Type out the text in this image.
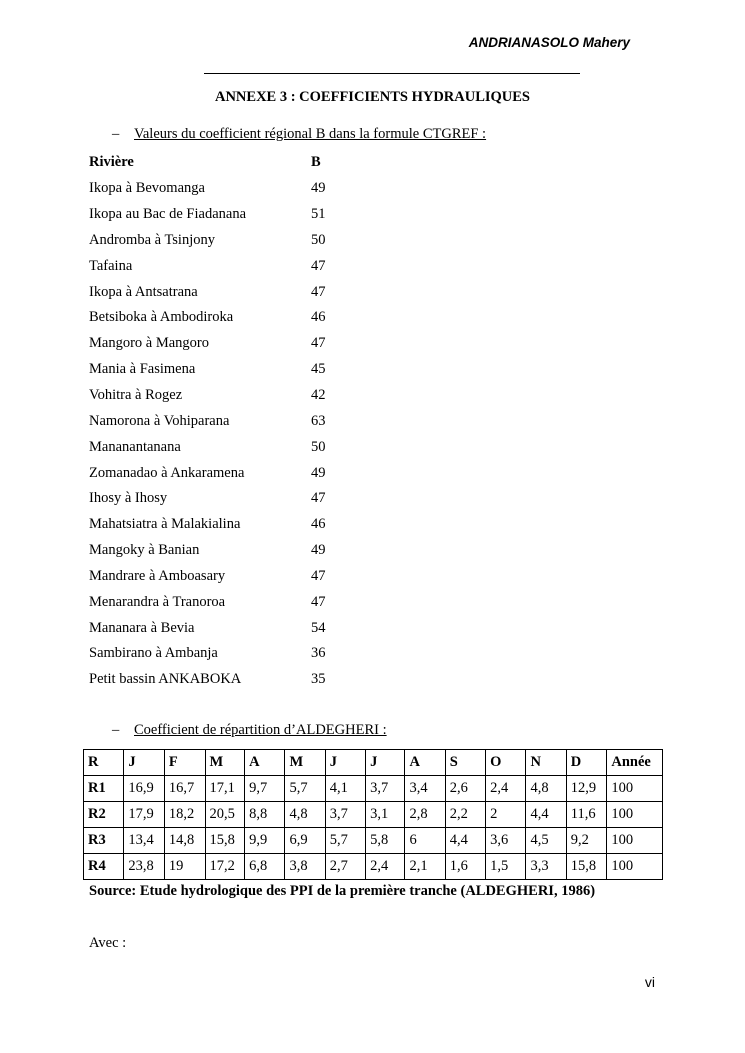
ANDRIANASOLO Mahery
ANNEXE 3 : COEFFICIENTS HYDRAULIQUES
– Valeurs du coefficient régional B dans la formule CTGREF :
Rivière	B
Ikopa à Bevomanga	49
Ikopa au Bac de Fiadanana	51
Andromba à Tsinjony	50
Tafaina	47
Ikopa à Antsatrana	47
Betsiboka à Ambodiroka	46
Mangoro à Mangoro	47
Mania à Fasimena	45
Vohitra à Rogez	42
Namorona à Vohiparana	63
Mananantanana	50
Zomanadao à Ankaramena	49
Ihosy à Ihosy	47
Mahatsiatra à Malakialina	46
Mangoky à Banian	49
Mandrare à Amboasary	47
Menarandra à Tranoroa	47
Mananara à Bevia	54
Sambirano à Ambanja	36
Petit bassin ANKABOKA	35
– Coefficient de répartition d’ALDEGHERI :
R	J	F	M	A	M	J	J	A	S	O	N	D	Année
R1	16,9	16,7	17,1	9,7	5,7	4,1	3,7	3,4	2,6	2,4	4,8	12,9	100
R2	17,9	18,2	20,5	8,8	4,8	3,7	3,1	2,8	2,2	2	4,4	11,6	100
R3	13,4	14,8	15,8	9,9	6,9	5,7	5,8	6	4,4	3,6	4,5	9,2	100
R4	23,8	19	17,2	6,8	3,8	2,7	2,4	2,1	1,6	1,5	3,3	15,8	100
Source: Etude hydrologique des PPI de la première tranche (ALDEGHERI, 1986)
Avec :
vi
